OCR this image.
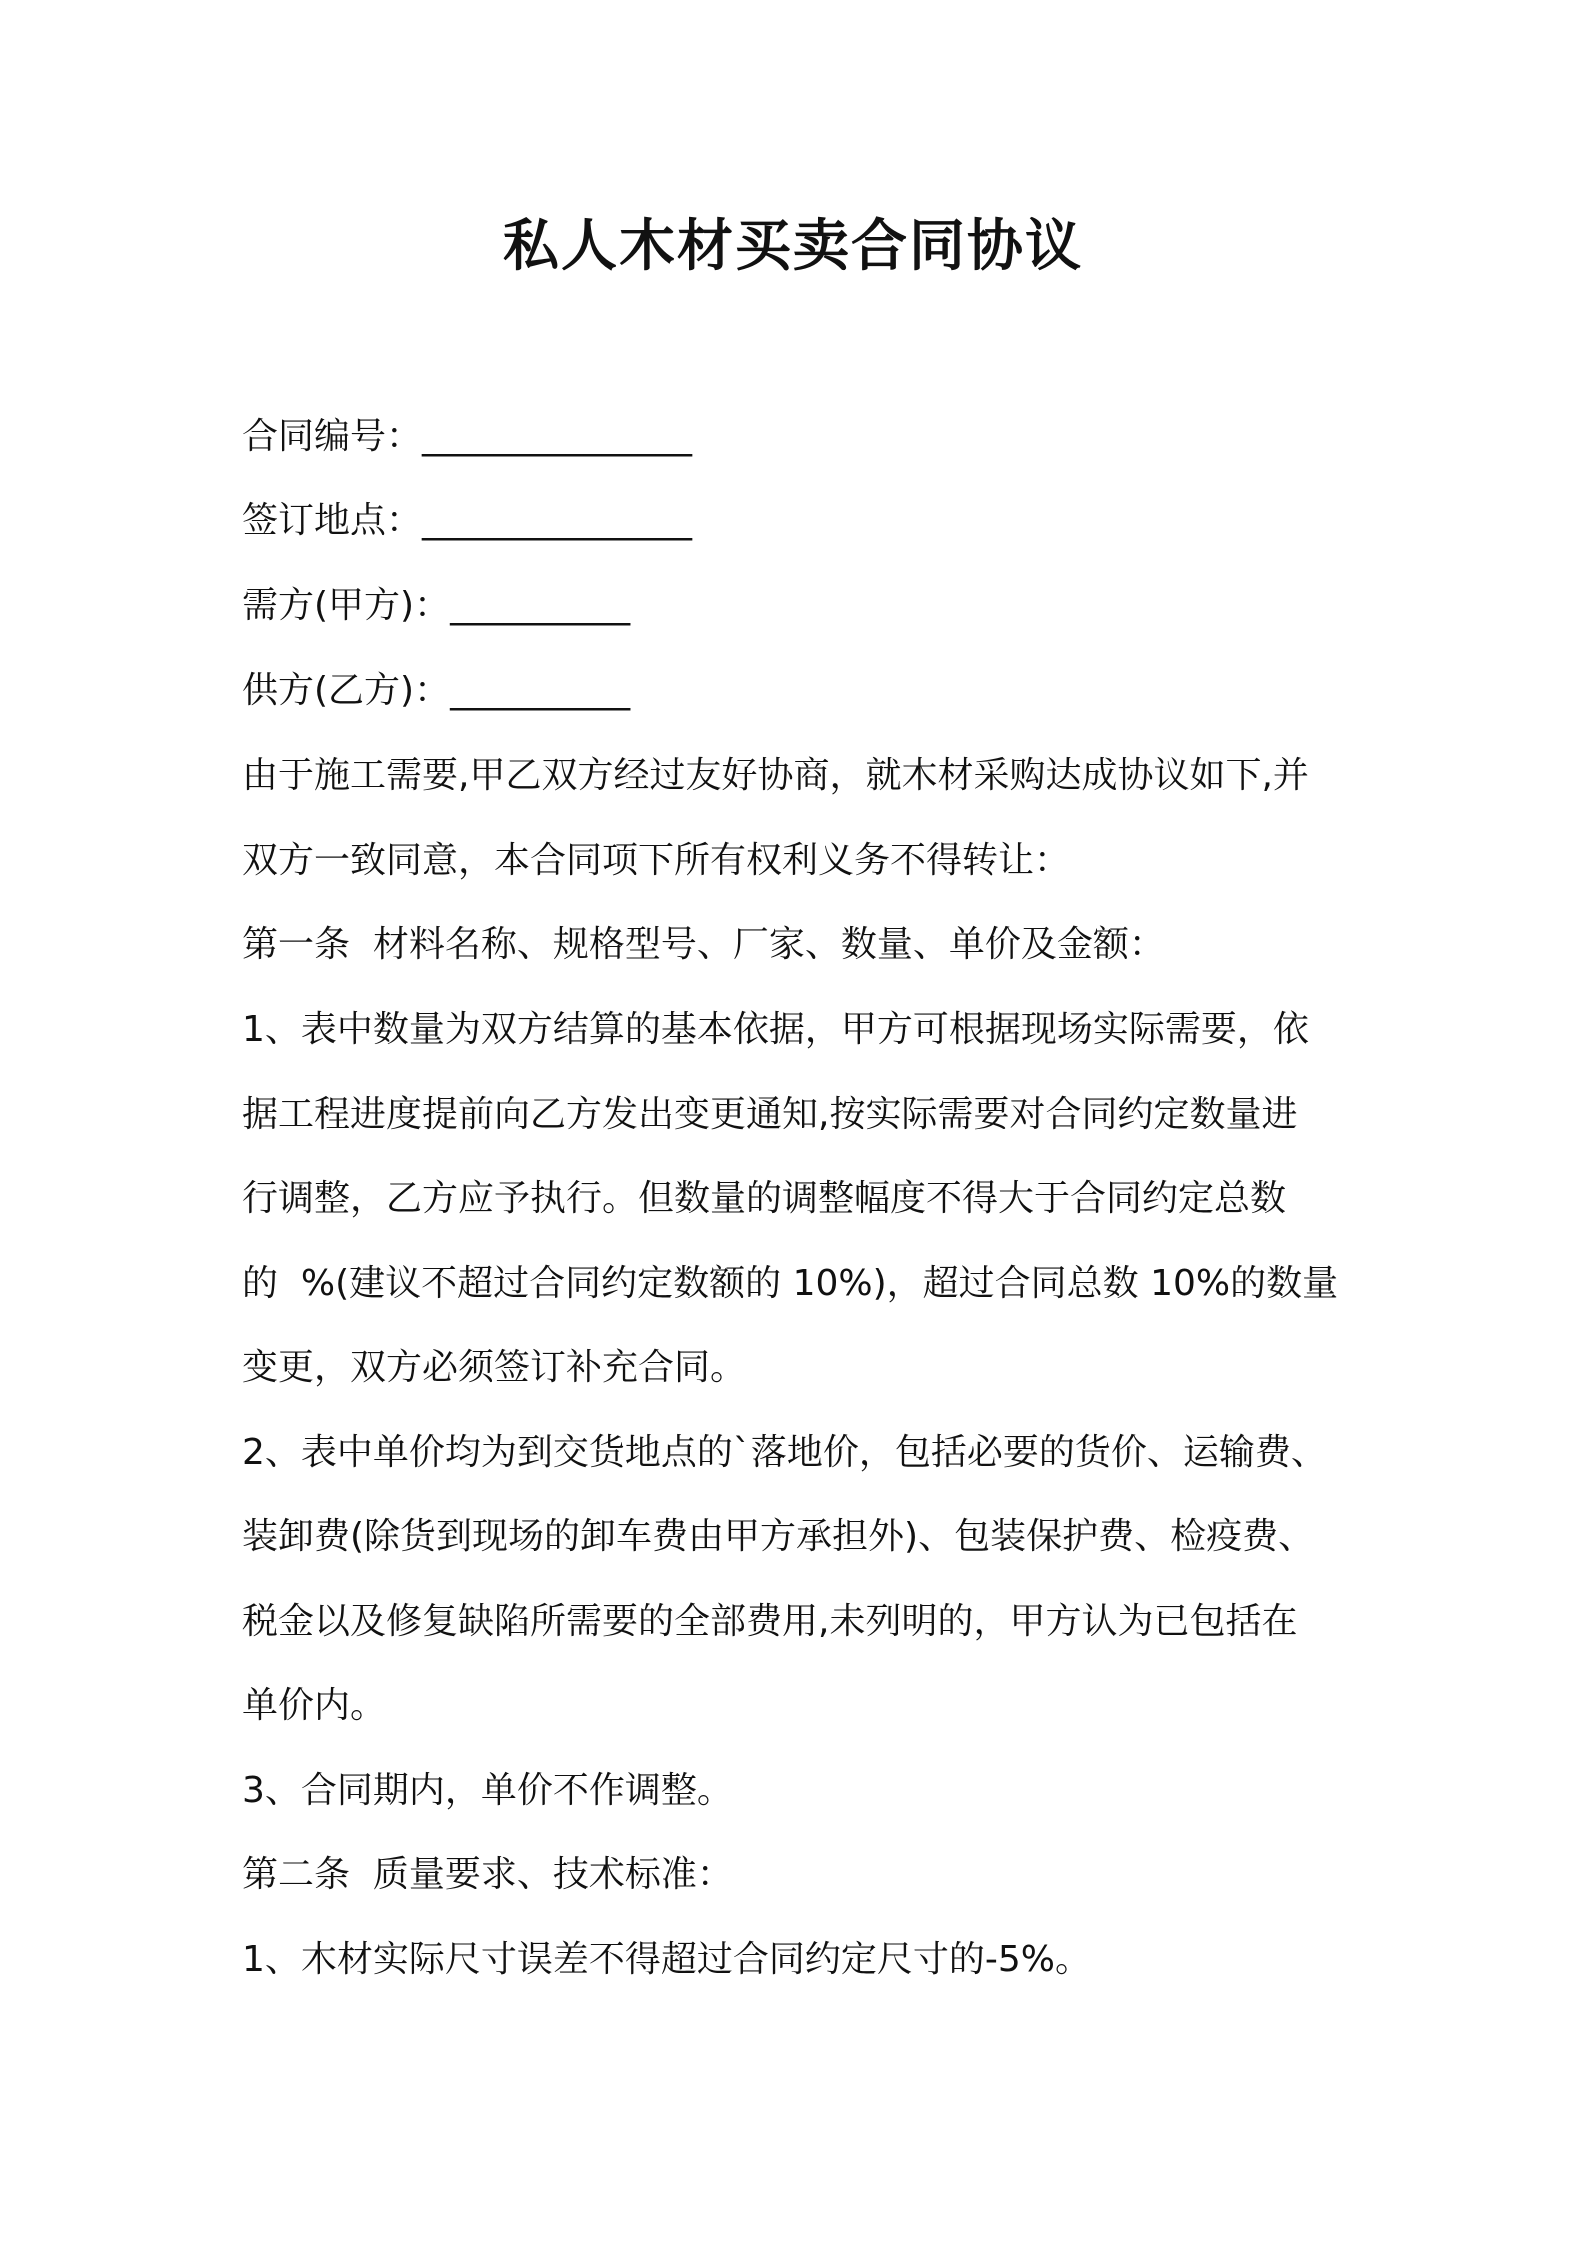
私人木材买卖合同协议
合同编号：_______________
签订地点：_______________
需方(甲方)：__________
供方(乙方)：__________
由于施工需要,甲乙双方经过友好协商，就木材采购达成协议如下,并
双方一致同意，本合同项下所有权利义务不得转让：
第一条  材料名称、规格型号、厂家、数量、单价及金额：
1、表中数量为双方结算的基本依据，甲方可根据现场实际需要，依
据工程进度提前向乙方发出变更通知,按实际需要对合同约定数量进
行调整，乙方应予执行。但数量的调整幅度不得大于合同约定总数
的  %(建议不超过合同约定数额的 10%)，超过合同总数 10%的数量
变更，双方必须签订补充合同。
2、表中单价均为到交货地点的`落地价，包括必要的货价、运输费、
装卸费(除货到现场的卸车费由甲方承担外)、包装保护费、检疫费、
税金以及修复缺陷所需要的全部费用,未列明的，甲方认为已包括在
单价内。
3、合同期内，单价不作调整。
第二条  质量要求、技术标准：
1、木材实际尺寸误差不得超过合同约定尺寸的-5%。
